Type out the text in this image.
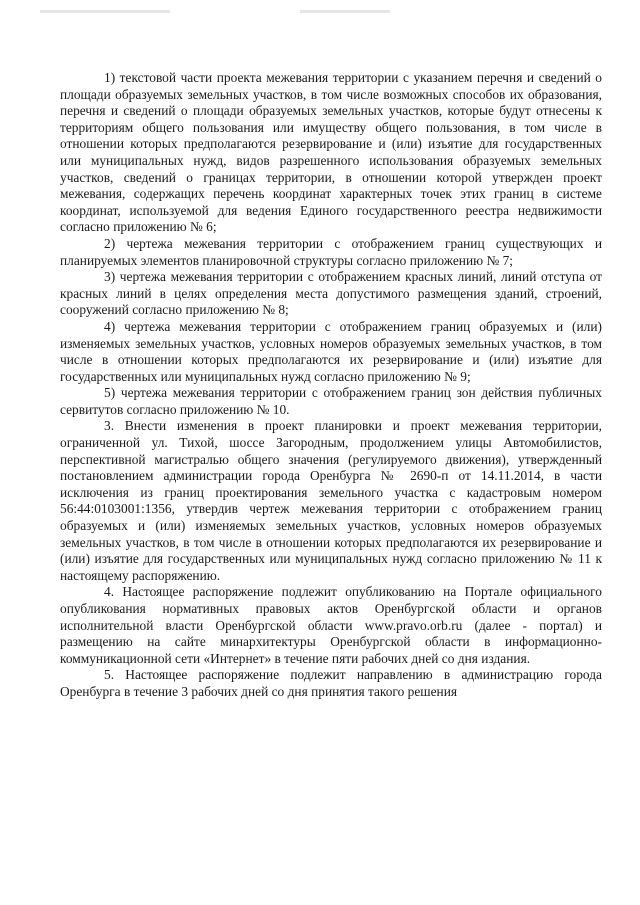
1) текстовой части проекта межевания территории с указанием перечня и сведений о площади образуемых земельных участков, в том числе возможных способов их образования, перечня и сведений о площади образуемых земельных участков, которые будут отнесены к территориям общего пользования или имуществу общего пользования, в том числе в отношении которых предполагаются резервирование и (или) изъятие для государственных или муниципальных нужд, видов разрешенного использования образуемых земельных участков, сведений о границах территории, в отношении которой утвержден проект межевания, содержащих перечень координат характерных точек этих границ в системе координат, используемой для ведения Единого государственного реестра недвижимости согласно приложению № 6;

2) чертежа межевания территории с отображением границ существующих и планируемых элементов планировочной структуры согласно приложению № 7;

3) чертежа межевания территории с отображением красных линий, линий отступа от красных линий в целях определения места допустимого размещения зданий, строений, сооружений согласно приложению № 8;

4) чертежа межевания территории с отображением границ образуемых и (или) изменяемых земельных участков, условных номеров образуемых земельных участков, в том числе в отношении которых предполагаются их резервирование и (или) изъятие для государственных или муниципальных нужд согласно приложению № 9;

5) чертежа межевания территории с отображением границ зон действия публичных сервитутов согласно приложению № 10.

3. Внести изменения в проект планировки и проект межевания территории, ограниченной ул. Тихой, шоссе Загородным, продолжением улицы Автомобилистов, перспективной магистралью общего значения (регулируемого движения), утвержденный постановлением администрации города Оренбурга № 2690-п от 14.11.2014, в части исключения из границ проектирования земельного участка с кадастровым номером 56:44:0103001:1356, утвердив чертеж межевания территории с отображением границ образуемых и (или) изменяемых земельных участков, условных номеров образуемых земельных участков, в том числе в отношении которых предполагаются их резервирование и (или) изъятие для государственных или муниципальных нужд согласно приложению № 11 к настоящему распоряжению.

4. Настоящее распоряжение подлежит опубликованию на Портале официального опубликования нормативных правовых актов Оренбургской области и органов исполнительной власти Оренбургской области www.pravo.orb.ru (далее - портал) и размещению на сайте минархитектуры Оренбургской области в информационно-коммуникационной сети «Интернет» в течение пяти рабочих дней со дня издания.

5. Настоящее распоряжение подлежит направлению в администрацию города Оренбурга в течение 3 рабочих дней со дня принятия такого решения
